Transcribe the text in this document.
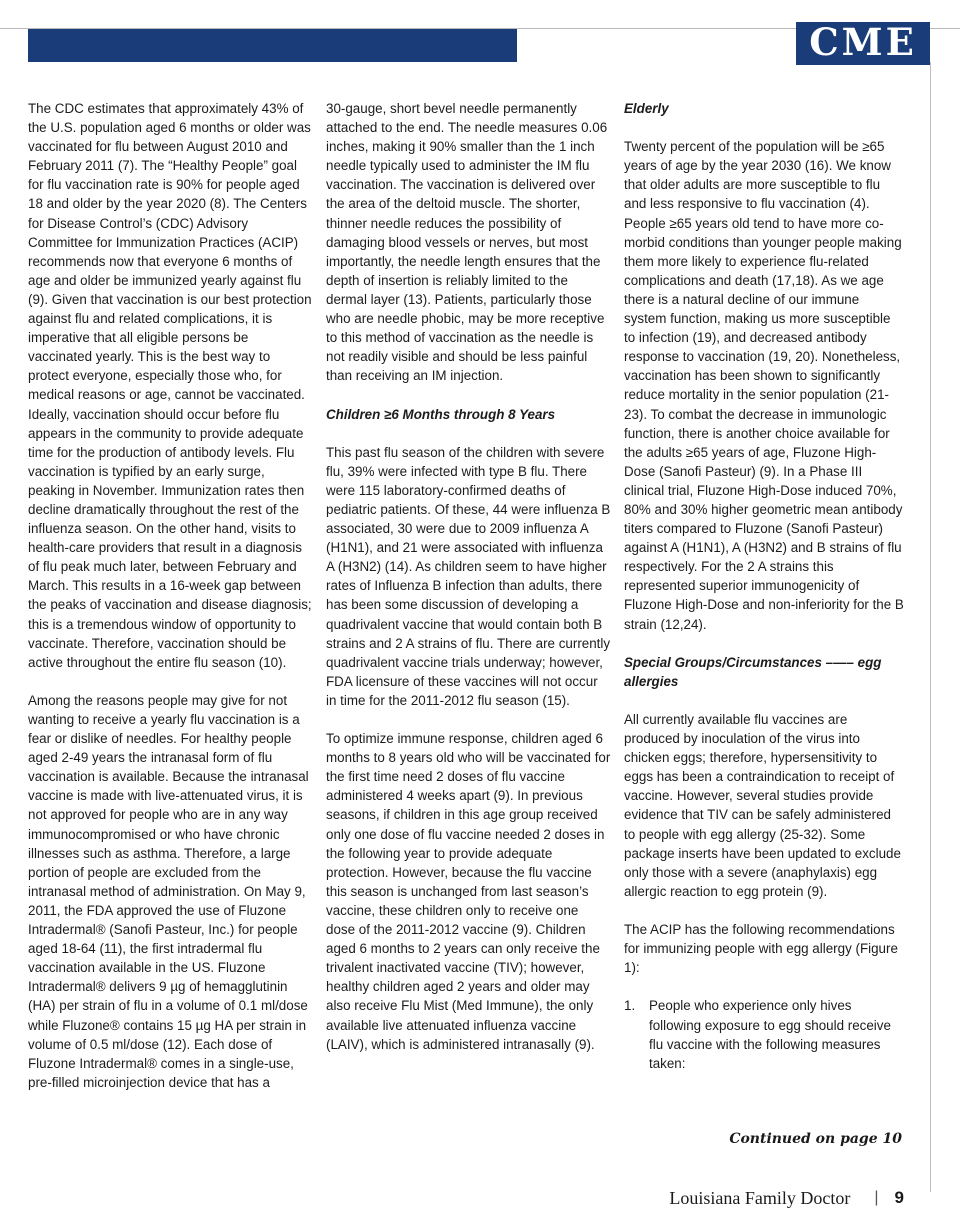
CME

The CDC estimates that approximately 43% of the U.S. population aged 6 months or older was vaccinated for flu between August 2010 and February 2011 (7). The “Healthy People” goal for flu vaccination rate is 90% for people aged 18 and older by the year 2020 (8). The Centers for Disease Control’s (CDC) Advisory Committee for Immunization Practices (ACIP) recommends now that everyone 6 months of age and older be immunized yearly against flu (9). Given that vaccination is our best protection against flu and related complications, it is imperative that all eligible persons be vaccinated yearly. This is the best way to protect everyone, especially those who, for medical reasons or age, cannot be vaccinated. Ideally, vaccination should occur before flu appears in the community to provide adequate time for the production of antibody levels. Flu vaccination is typified by an early surge, peaking in November. Immunization rates then decline dramatically throughout the rest of the influenza season. On the other hand, visits to health-care providers that result in a diagnosis of flu peak much later, between February and March. This results in a 16-week gap between the peaks of vaccination and disease diagnosis; this is a tremendous window of opportunity to vaccinate. Therefore, vaccination should be active throughout the entire flu season (10).

Among the reasons people may give for not wanting to receive a yearly flu vaccination is a fear or dislike of needles. For healthy people aged 2-49 years the intranasal form of flu vaccination is available. Because the intranasal vaccine is made with live-attenuated virus, it is not approved for people who are in any way immunocompromised or who have chronic illnesses such as asthma. Therefore, a large portion of people are excluded from the intranasal method of administration. On May 9, 2011, the FDA approved the use of Fluzone Intradermal® (Sanofi Pasteur, Inc.) for people aged 18-64 (11), the first intradermal flu vaccination available in the US. Fluzone Intradermal® delivers 9 µg of hemagglutinin (HA) per strain of flu in a volume of 0.1 ml/dose while Fluzone® contains 15 µg HA per strain in volume of 0.5 ml/dose (12). Each dose of Fluzone Intradermal® comes in a single-use, pre-filled microinjection device that has a

30-gauge, short bevel needle permanently attached to the end. The needle measures 0.06 inches, making it 90% smaller than the 1 inch needle typically used to administer the IM flu vaccination. The vaccination is delivered over the area of the deltoid muscle. The shorter, thinner needle reduces the possibility of damaging blood vessels or nerves, but most importantly, the needle length ensures that the depth of insertion is reliably limited to the dermal layer (13). Patients, particularly those who are needle phobic, may be more receptive to this method of vaccination as the needle is not readily visible and should be less painful than receiving an IM injection.

Children ≥6 Months through 8 Years

This past flu season of the children with severe flu, 39% were infected with type B flu. There were 115 laboratory-confirmed deaths of pediatric patients. Of these, 44 were influenza B associated, 30 were due to 2009 influenza A (H1N1), and 21 were associated with influenza A (H3N2) (14). As children seem to have higher rates of Influenza B infection than adults, there has been some discussion of developing a quadrivalent vaccine that would contain both B strains and 2 A strains of flu. There are currently quadrivalent vaccine trials underway; however, FDA licensure of these vaccines will not occur in time for the 2011-2012 flu season (15).

To optimize immune response, children aged 6 months to 8 years old who will be vaccinated for the first time need 2 doses of flu vaccine administered 4 weeks apart (9). In previous seasons, if children in this age group received only one dose of flu vaccine needed 2 doses in the following year to provide adequate protection. However, because the flu vaccine this season is unchanged from last season’s vaccine, these children only to receive one dose of the 2011-2012 vaccine (9). Children aged 6 months to 2 years can only receive the trivalent inactivated vaccine (TIV); however, healthy children aged 2 years and older may also receive Flu Mist (Med Immune), the only available live attenuated influenza vaccine (LAIV), which is administered intranasally (9).

Elderly

Twenty percent of the population will be ≥65 years of age by the year 2030 (16). We know that older adults are more susceptible to flu and less responsive to flu vaccination (4). People ≥65 years old tend to have more co-morbid conditions than younger people making them more likely to experience flu-related complications and death (17,18). As we age there is a natural decline of our immune system function, making us more susceptible to infection (19), and decreased antibody response to vaccination (19, 20). Nonetheless, vaccination has been shown to significantly reduce mortality in the senior population (21-23). To combat the decrease in immunologic function, there is another choice available for the adults ≥65 years of age, Fluzone High-Dose (Sanofi Pasteur) (9). In a Phase III clinical trial, Fluzone High-Dose induced 70%, 80% and 30% higher geometric mean antibody titers compared to Fluzone (Sanofi Pasteur) against A (H1N1), A (H3N2) and B strains of flu respectively. For the 2 A strains this represented superior immunogenicity of Fluzone High-Dose and non-inferiority for the B strain (12,24).

Special Groups/Circumstances –—– egg allergies

All currently available flu vaccines are produced by inoculation of the virus into chicken eggs; therefore, hypersensitivity to eggs has been a contraindication to receipt of vaccine. However, several studies provide evidence that TIV can be safely administered to people with egg allergy (25-32). Some package inserts have been updated to exclude only those with a severe (anaphylaxis) egg allergic reaction to egg protein (9).

The ACIP has the following recommendations for immunizing people with egg allergy (Figure 1):

1. People who experience only hives following exposure to egg should receive flu vaccine with the following measures taken:
Continued on page 10
Louisiana Family Doctor | 9
